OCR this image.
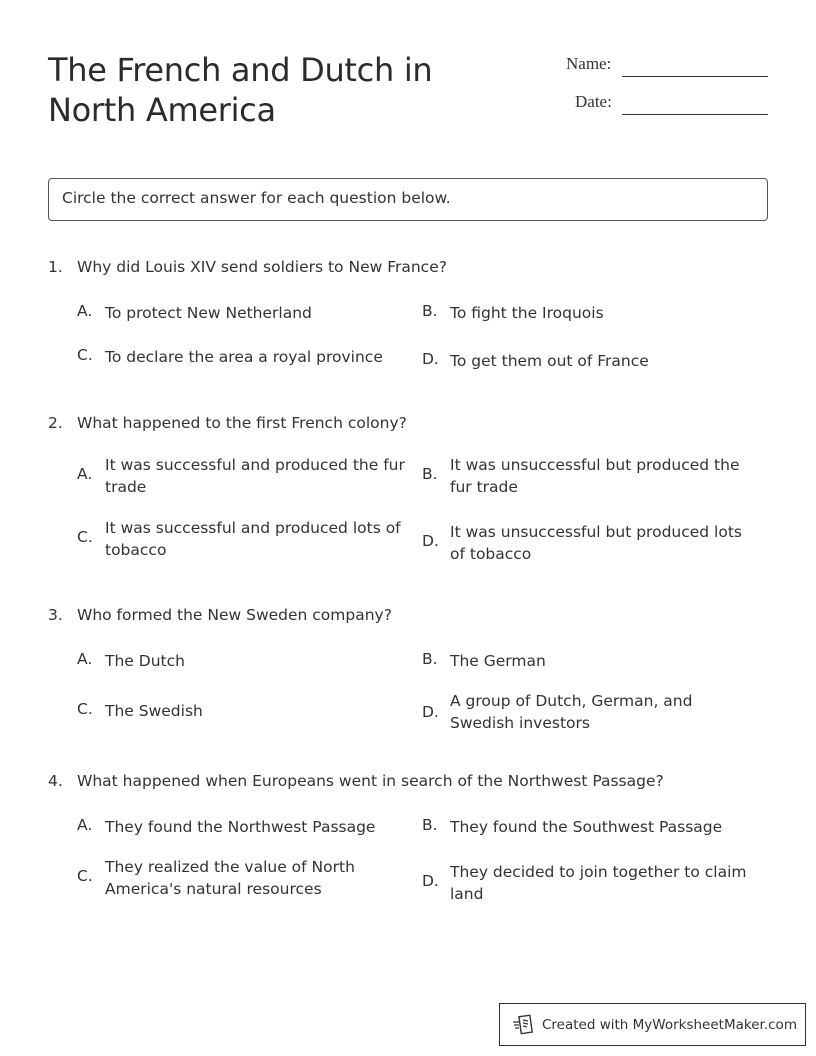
The French and Dutch in North America
Name:
Date:
Circle the correct answer for each question below.
1. Why did Louis XIV send soldiers to New France?
A. To protect New Netherland	B. To fight the Iroquois
C. To declare the area a royal province	D. To get them out of France
2. What happened to the first French colony?
A. It was successful and produced the fur trade
B. It was unsuccessful but produced the fur trade
C. It was successful and produced lots of tobacco	D. It was unsuccessful but produced lots of tobacco
3. Who formed the New Sweden company?
A. The Dutch	B. The German
C. The Swedish	D.
A group of Dutch, German, and Swedish investors
4. What happened when Europeans went in search of the Northwest Passage?
A. They found the Northwest Passage	B. They found the Southwest Passage
C. They realized the value of North America's natural resources	D. They decided to join together to claim land
Created with MyWorksheetMaker.com
